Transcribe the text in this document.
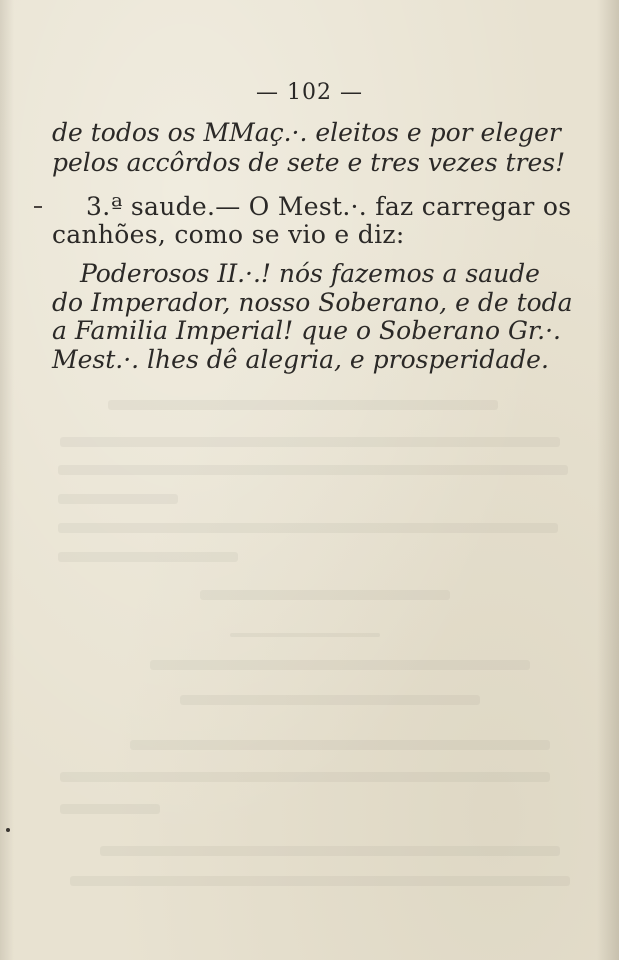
— 102 —
de todos os MMaç.·. eleitos e por eleger
pelos accôrdos de sete e tres vezes tres!
3.ª saude.— O Mest.·. faz carregar os
canhões, como se vio e diz:
Poderosos II.·.! nós fazemos a saude
do Imperador, nosso Soberano, e de toda
a Familia Imperial! que o Soberano Gr.·.
Mest.·. lhes dê alegria, e prosperidade.
